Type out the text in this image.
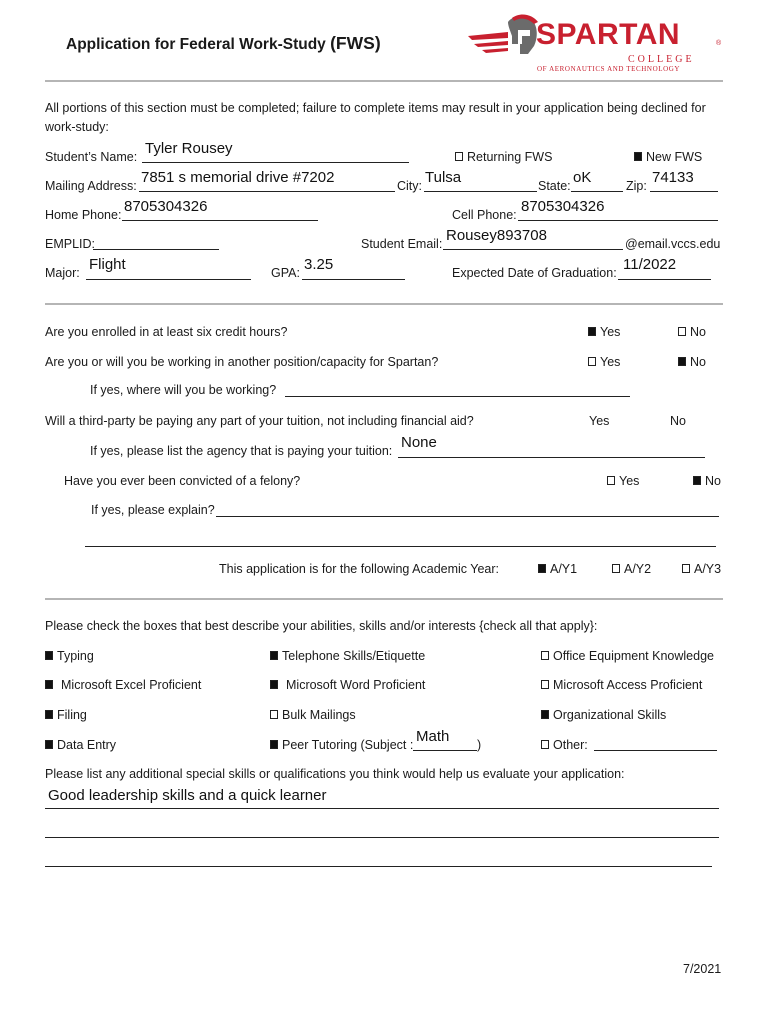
Application for Federal Work-Study (FWS)	SPARTAN	®
COLLEGE
OF AERONAUTICS AND TECHNOLOGY
All portions of this section must be completed; failure to complete items may result in your application being declined for work-study:
Student’s Name: Tyler Rousey	Returning FWS	New FWS
Mailing Address: 7851 s memorial drive #7202	City: Tulsa	State: oK	Zip: 74133
Home Phone: 8705304326	Cell Phone: 8705304326
EMPLID:	Student Email: Rousey893708	@email.vccs.edu
Major: Flight	GPA: 3.25	Expected Date of Graduation: 11/2022
Are you enrolled in at least six credit hours?	Yes	No
Are you or will you be working in another position/capacity for Spartan?	Yes	No
If yes, where will you be working?
Will a third-party be paying any part of your tuition, not including financial aid?	Yes	No
If yes, please list the agency that is paying your tuition: None
Have you ever been convicted of a felony?	Yes	No
If yes, please explain?
This application is for the following Academic Year:	A/Y1	A/Y2	A/Y3
Please check the boxes that best describe your abilities, skills and/or interests {check all that apply}:
Typing	Telephone Skills/Etiquette	Office Equipment Knowledge
Microsoft Excel Proficient	Microsoft Word Proficient	Microsoft Access Proficient
Filing	Bulk Mailings	Organizational Skills
Data Entry	Peer Tutoring (Subject : Math )	Other:
Please list any additional special skills or qualifications you think would help us evaluate your application:
Good leadership skills and a quick learner
7/2021
